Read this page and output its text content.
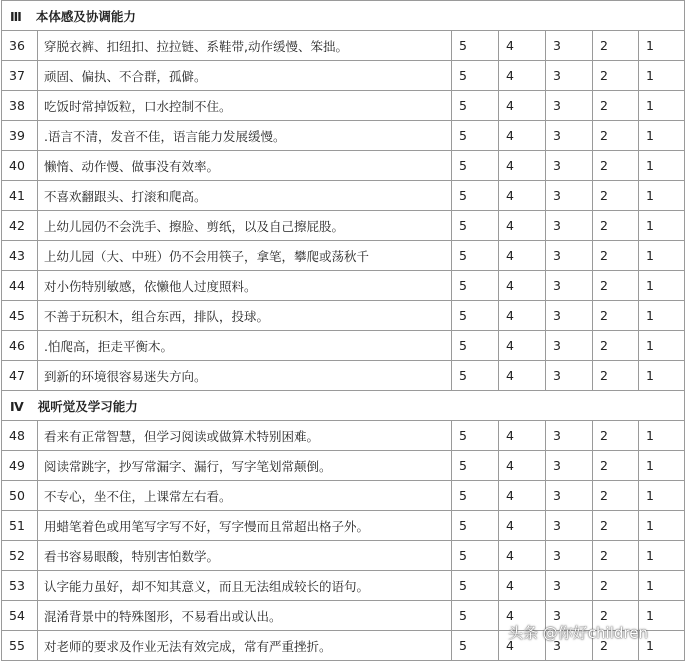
Ⅲ 本体感及协调能力						
36	穿脱衣裤、扣纽扣、拉拉链、系鞋带,动作缓慢、笨拙。	5	4	3	2	1
37	顽固、偏执、不合群，孤僻。	5	4	3	2	1
38	吃饭时常掉饭粒，口水控制不住。	5	4	3	2	1
39	.语言不清，发音不佳，语言能力发展缓慢。	5	4	3	2	1
40	懒惰、动作慢、做事没有效率。	5	4	3	2	1
41	不喜欢翻跟头、打滚和爬高。	5	4	3	2	1
42	上幼儿园仍不会洗手、擦脸、剪纸，以及自己擦屁股。	5	4	3	2	1
43	上幼儿园（大、中班）仍不会用筷子，拿笔，攀爬或荡秋千	5	4	3	2	1
44	对小伤特别敏感，依懒他人过度照料。	5	4	3	2	1
45	不善于玩积木，组合东西，排队，投球。	5	4	3	2	1
46	.怕爬高，拒走平衡木。	5	4	3	2	1
47	到新的环境很容易迷失方向。	5	4	3	2	1
Ⅳ 视听觉及学习能力						
48	看来有正常智慧，但学习阅读或做算术特别困难。	5	4	3	2	1
49	阅读常跳字，抄写常漏字、漏行，写字笔划常颠倒。	5	4	3	2	1
50	不专心，坐不住，上课常左右看。	5	4	3	2	1
51	用蜡笔着色或用笔写字写不好，写字慢而且常超出格子外。	5	4	3	2	1
52	看书容易眼酸，特别害怕数学。	5	4	3	2	1
53	认字能力虽好，却不知其意义，而且无法组成较长的语句。	5	4	3	2	1
54	混淆背景中的特殊图形，不易看出或认出。	5	4	3	2	1
55	对老师的要求及作业无法有效完成，常有严重挫折。	5	4	3	2	1
头条 @你好children
